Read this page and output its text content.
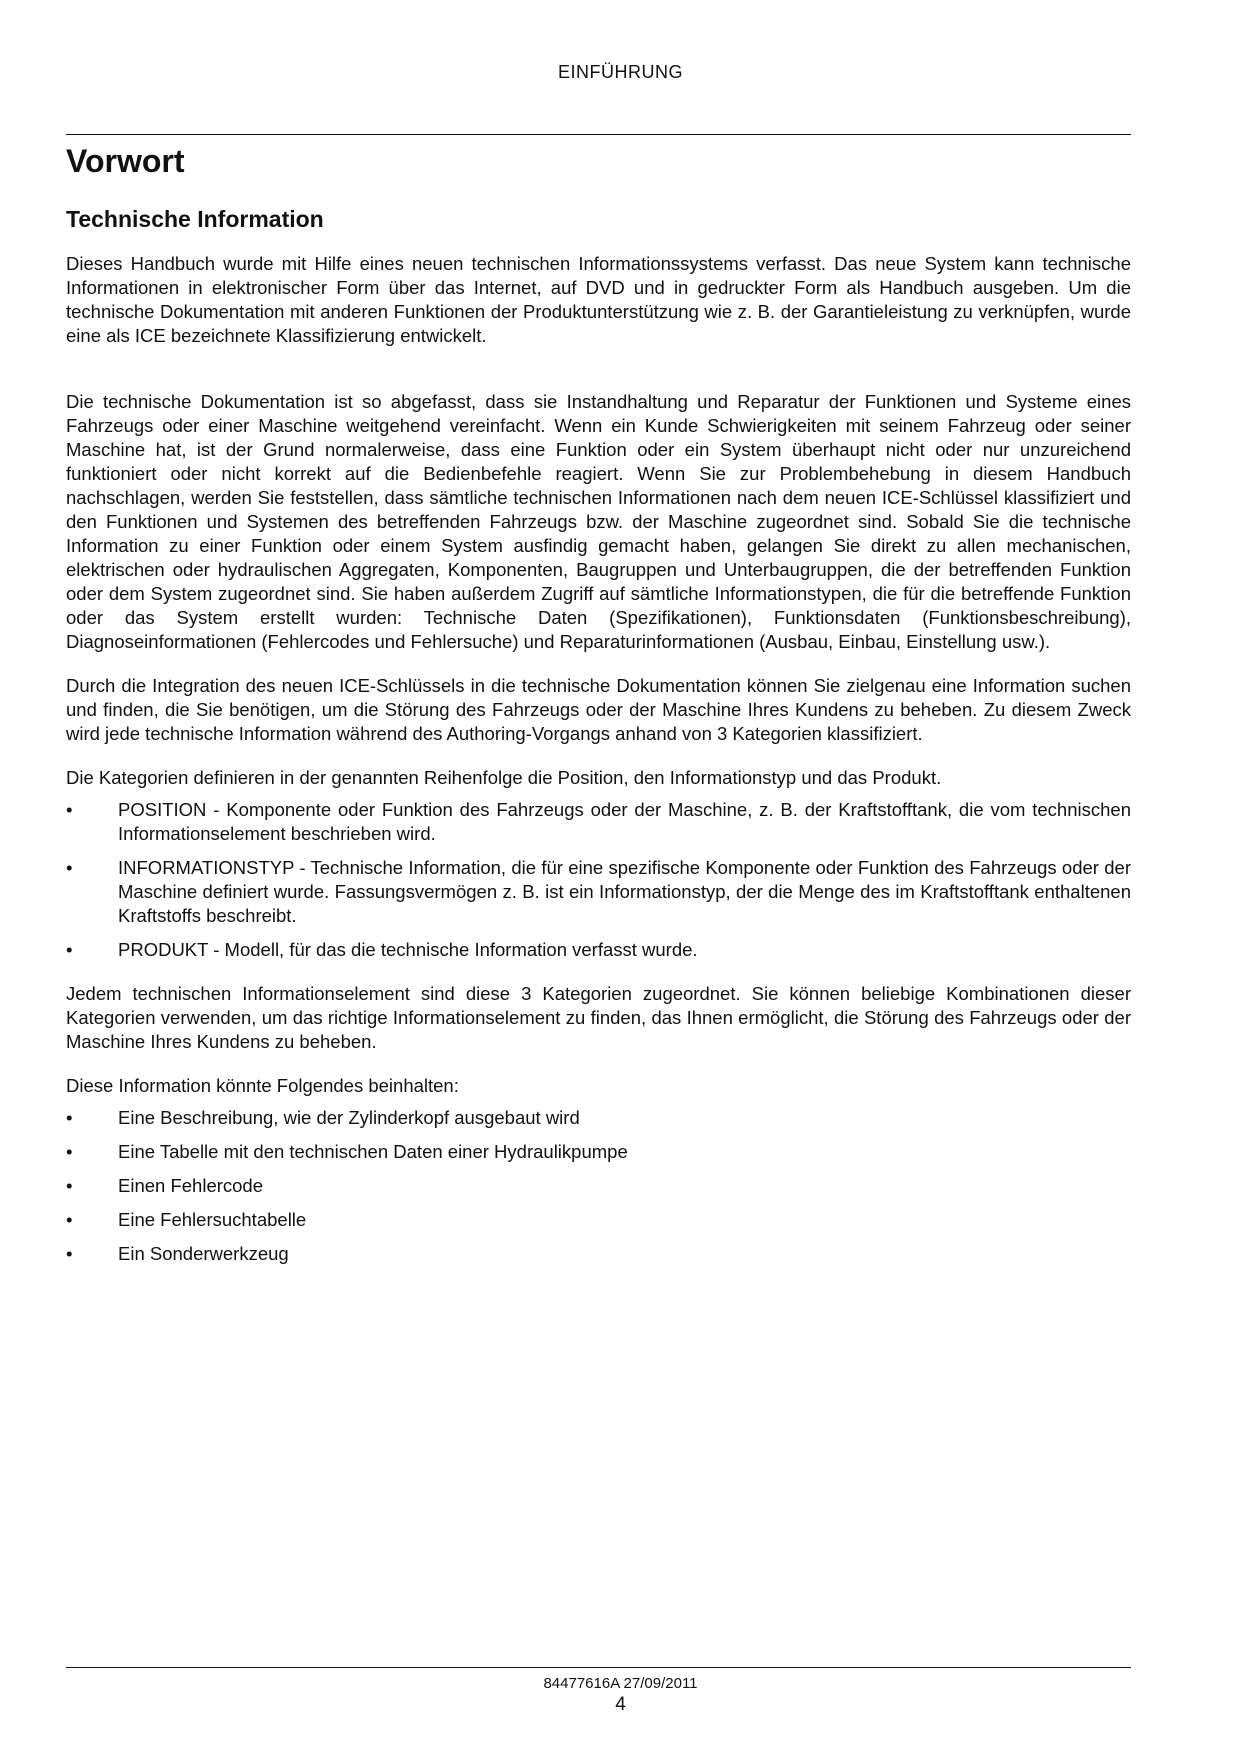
EINFÜHRUNG
Vorwort
Technische Information

Dieses Handbuch wurde mit Hilfe eines neuen technischen Informationssystems verfasst. Das neue System kann technische Informationen in elektronischer Form über das Internet, auf DVD und in gedruckter Form als Handbuch ausgeben. Um die technische Dokumentation mit anderen Funktionen der Produktunterstützung wie z. B. der Garantieleistung zu verknüpfen, wurde eine als ICE bezeichnete Klassifizierung entwickelt.

Die technische Dokumentation ist so abgefasst, dass sie Instandhaltung und Reparatur der Funktionen und Systeme eines Fahrzeugs oder einer Maschine weitgehend vereinfacht. Wenn ein Kunde Schwierigkeiten mit seinem Fahrzeug oder seiner Maschine hat, ist der Grund normalerweise, dass eine Funktion oder ein System überhaupt nicht oder nur unzureichend funktioniert oder nicht korrekt auf die Bedienbefehle reagiert. Wenn Sie zur Problembehebung in diesem Handbuch nachschlagen, werden Sie feststellen, dass sämtliche technischen Informationen nach dem neuen ICE-Schlüssel klassifiziert und den Funktionen und Systemen des betreffenden Fahrzeugs bzw. der Maschine zugeordnet sind. Sobald Sie die technische Information zu einer Funktion oder einem System ausfindig gemacht haben, gelangen Sie direkt zu allen mechanischen, elektrischen oder hydraulischen Aggregaten, Komponenten, Baugruppen und Unterbaugruppen, die der betreffenden Funktion oder dem System zugeordnet sind. Sie haben außerdem Zugriff auf sämtliche Informationstypen, die für die betreffende Funktion oder das System erstellt wurden: Technische Daten (Spezifikationen), Funktionsdaten (Funktionsbeschreibung), Diagnoseinformationen (Fehlercodes und Fehlersuche) und Reparaturinformationen (Ausbau, Einbau, Einstellung usw.).

Durch die Integration des neuen ICE-Schlüssels in die technische Dokumentation können Sie zielgenau eine Information suchen und finden, die Sie benötigen, um die Störung des Fahrzeugs oder der Maschine Ihres Kundens zu beheben. Zu diesem Zweck wird jede technische Information während des Authoring-Vorgangs anhand von 3 Kategorien klassifiziert.

Die Kategorien definieren in der genannten Reihenfolge die Position, den Informationstyp und das Produkt.

•	POSITION - Komponente oder Funktion des Fahrzeugs oder der Maschine, z. B. der Kraftstofftank, die vom technischen Informationselement beschrieben wird.
•	INFORMATIONSTYP - Technische Information, die für eine spezifische Komponente oder Funktion des Fahrzeugs oder der Maschine definiert wurde. Fassungsvermögen z. B. ist ein Informationstyp, der die Menge des im Kraftstofftank enthaltenen Kraftstoffs beschreibt.
•	PRODUKT - Modell, für das die technische Information verfasst wurde.

Jedem technischen Informationselement sind diese 3 Kategorien zugeordnet. Sie können beliebige Kombinationen dieser Kategorien verwenden, um das richtige Informationselement zu finden, das Ihnen ermöglicht, die Störung des Fahrzeugs oder der Maschine Ihres Kundens zu beheben.

Diese Information könnte Folgendes beinhalten:

•	Eine Beschreibung, wie der Zylinderkopf ausgebaut wird
•	Eine Tabelle mit den technischen Daten einer Hydraulikpumpe
•	Einen Fehlercode
•	Eine Fehlersuchtabelle
•	Ein Sonderwerkzeug
84477616A 27/09/2011
4
